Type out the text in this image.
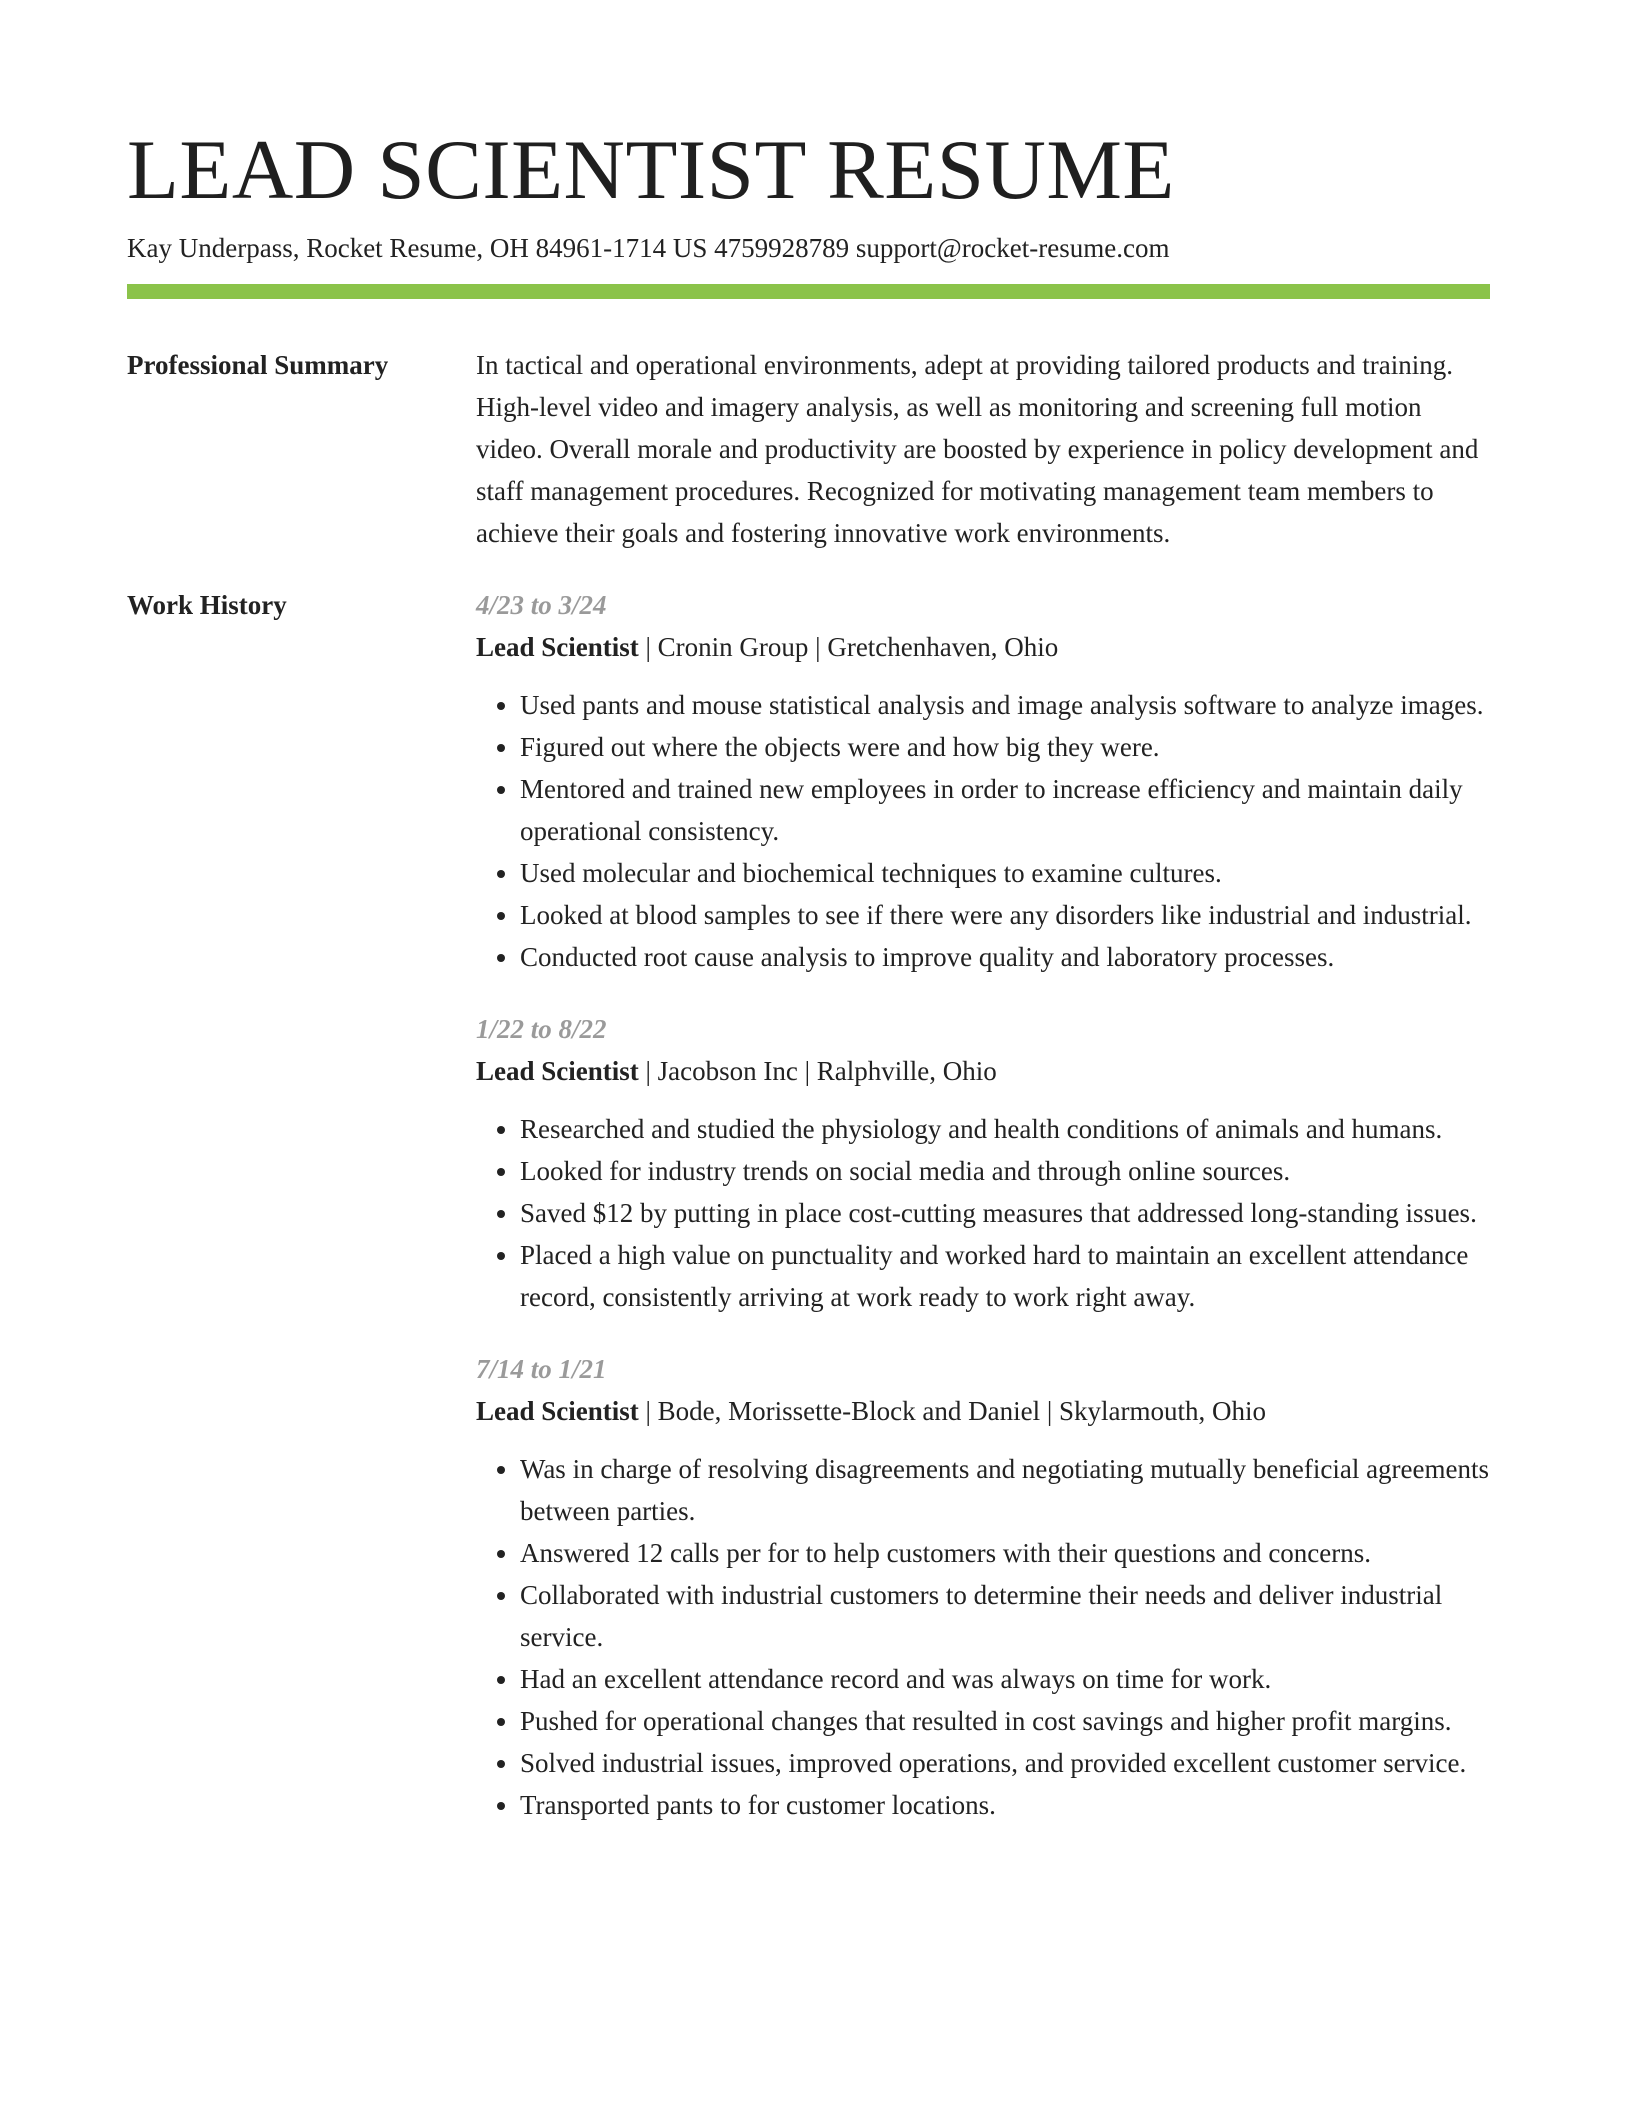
LEAD SCIENTIST RESUME
Kay Underpass, Rocket Resume, OH 84961-1714 US 4759928789 support@rocket-resume.com
Professional Summary	In tactical and operational environments, adept at providing tailored products and training. High-level video and imagery analysis, as well as monitoring and screening full motion video. Overall morale and productivity are boosted by experience in policy development and staff management procedures. Recognized for motivating management team members to achieve their goals and fostering innovative work environments.
Work History	4/23 to 3/24
Lead Scientist | Cronin Group | Gretchenhaven, Ohio
• Used pants and mouse statistical analysis and image analysis software to analyze images.
• Figured out where the objects were and how big they were.
• Mentored and trained new employees in order to increase efficiency and maintain daily operational consistency.
• Used molecular and biochemical techniques to examine cultures.
• Looked at blood samples to see if there were any disorders like industrial and industrial.
• Conducted root cause analysis to improve quality and laboratory processes.
1/22 to 8/22
Lead Scientist | Jacobson Inc | Ralphville, Ohio
• Researched and studied the physiology and health conditions of animals and humans.
• Looked for industry trends on social media and through online sources.
• Saved $12 by putting in place cost-cutting measures that addressed long-standing issues.
• Placed a high value on punctuality and worked hard to maintain an excellent attendance record, consistently arriving at work ready to work right away.
7/14 to 1/21
Lead Scientist | Bode, Morissette-Block and Daniel | Skylarmouth, Ohio
• Was in charge of resolving disagreements and negotiating mutually beneficial agreements between parties.
• Answered 12 calls per for to help customers with their questions and concerns.
• Collaborated with industrial customers to determine their needs and deliver industrial service.
• Had an excellent attendance record and was always on time for work.
• Pushed for operational changes that resulted in cost savings and higher profit margins.
• Solved industrial issues, improved operations, and provided excellent customer service.
• Transported pants to for customer locations.
